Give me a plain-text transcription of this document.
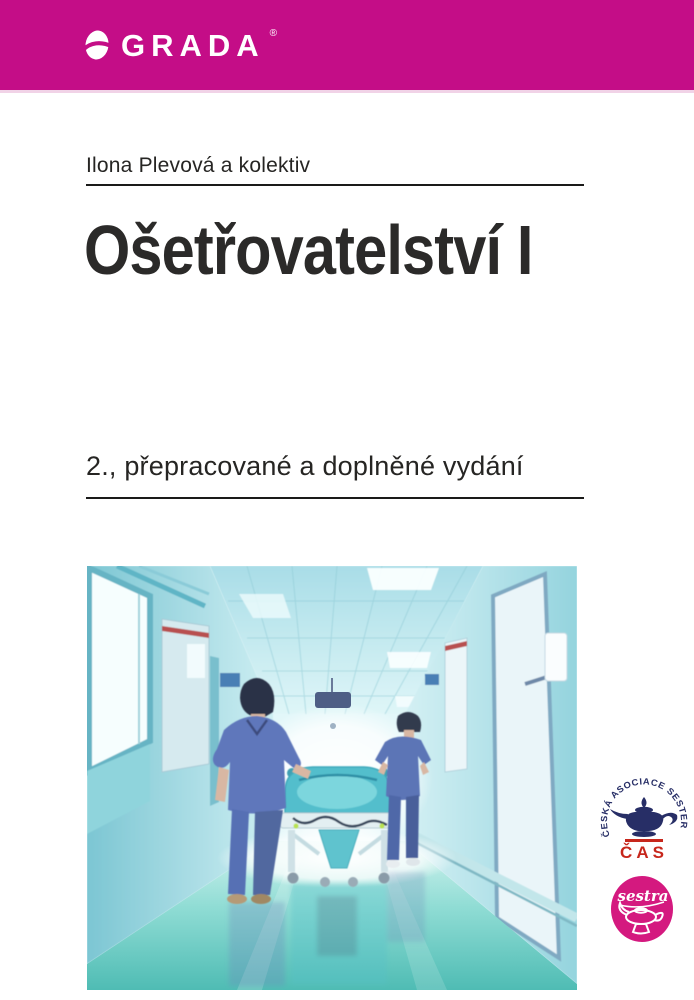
GRADA ®
Ilona Plevová a kolektiv
Ošetřovatelství I
2., přepracované a doplněné vydání
ČESKÁ ASOCIACE SESTER
ČAS
sestra
